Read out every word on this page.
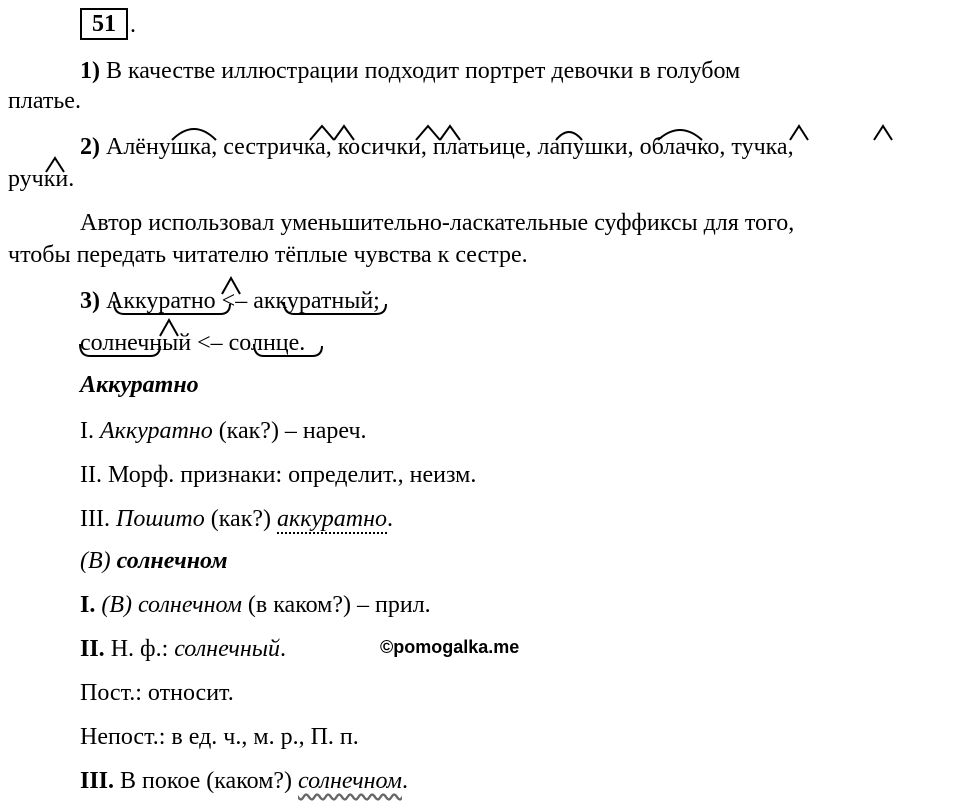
51 .
1) В качестве иллюстрации подходит портрет девочки в голубом
платье.
2) Алёнушка, сестричка, косички, платьице, лапушки, облачко, тучка,
ручки.
Автор использовал уменьшительно-ласкательные суффиксы для того,
чтобы передать читателю тёплые чувства к сестре.
3) Аккуратно <– аккуратный;
солнечный <– солнце.
Аккуратно
I. Аккуратно (как?) – нареч.
II. Морф. признаки: определит., неизм.
III. Пошито (как?) аккуратно.
(В) солнечном
I. (В) солнечном (в каком?) – прил.
II. Н. ф.: солнечный.
Пост.: относит.
Непост.: в ед. ч., м. р., П. п.
III. В покое (каком?) солнечном.
©pomogalka.me
